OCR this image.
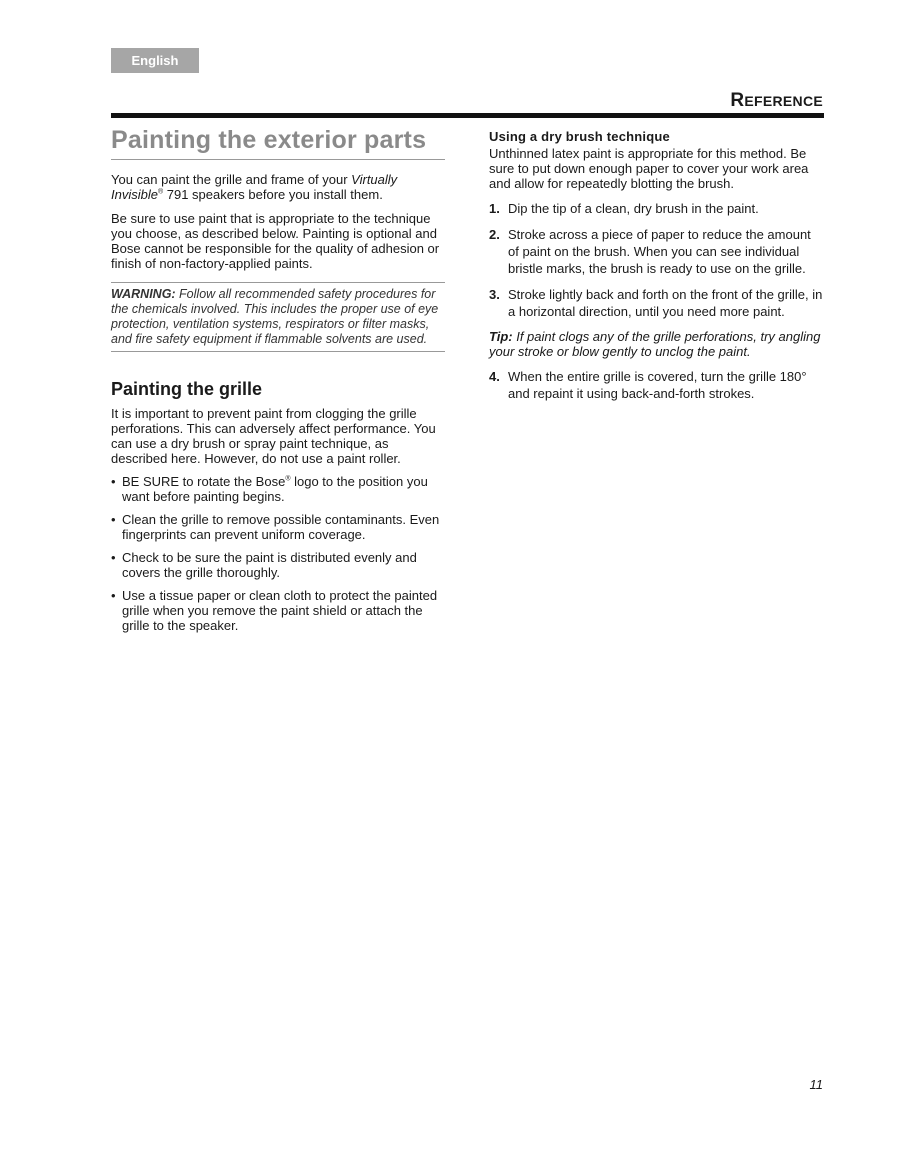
English
REFERENCE
Painting the exterior parts

You can paint the grille and frame of your Virtually Invisible® 791 speakers before you install them.

Be sure to use paint that is appropriate to the technique you choose, as described below. Painting is optional and Bose cannot be responsible for the quality of adhesion or finish of non-factory-applied paints.

WARNING: Follow all recommended safety procedures for the chemicals involved. This includes the proper use of eye protection, ventilation systems, respirators or filter masks, and fire safety equipment if flammable solvents are used.
Painting the grille

It is important to prevent paint from clogging the grille perforations. This can adversely affect performance. You can use a dry brush or spray paint technique, as described here. However, do not use a paint roller.

• BE SURE to rotate the Bose® logo to the position you want before painting begins.
• Clean the grille to remove possible contaminants. Even fingerprints can prevent uniform coverage.
• Check to be sure the paint is distributed evenly and covers the grille thoroughly.
• Use a tissue paper or clean cloth to protect the painted grille when you remove the paint shield or attach the grille to the speaker.
Using a dry brush technique

Unthinned latex paint is appropriate for this method. Be sure to put down enough paper to cover your work area and allow for repeatedly blotting the brush.

1. Dip the tip of a clean, dry brush in the paint.
2. Stroke across a piece of paper to reduce the amount of paint on the brush. When you can see individual bristle marks, the brush is ready to use on the grille.
3. Stroke lightly back and forth on the front of the grille, in a horizontal direction, until you need more paint.

Tip: If paint clogs any of the grille perforations, try angling your stroke or blow gently to unclog the paint.

4. When the entire grille is covered, turn the grille 180° and repaint it using back-and-forth strokes.
11
